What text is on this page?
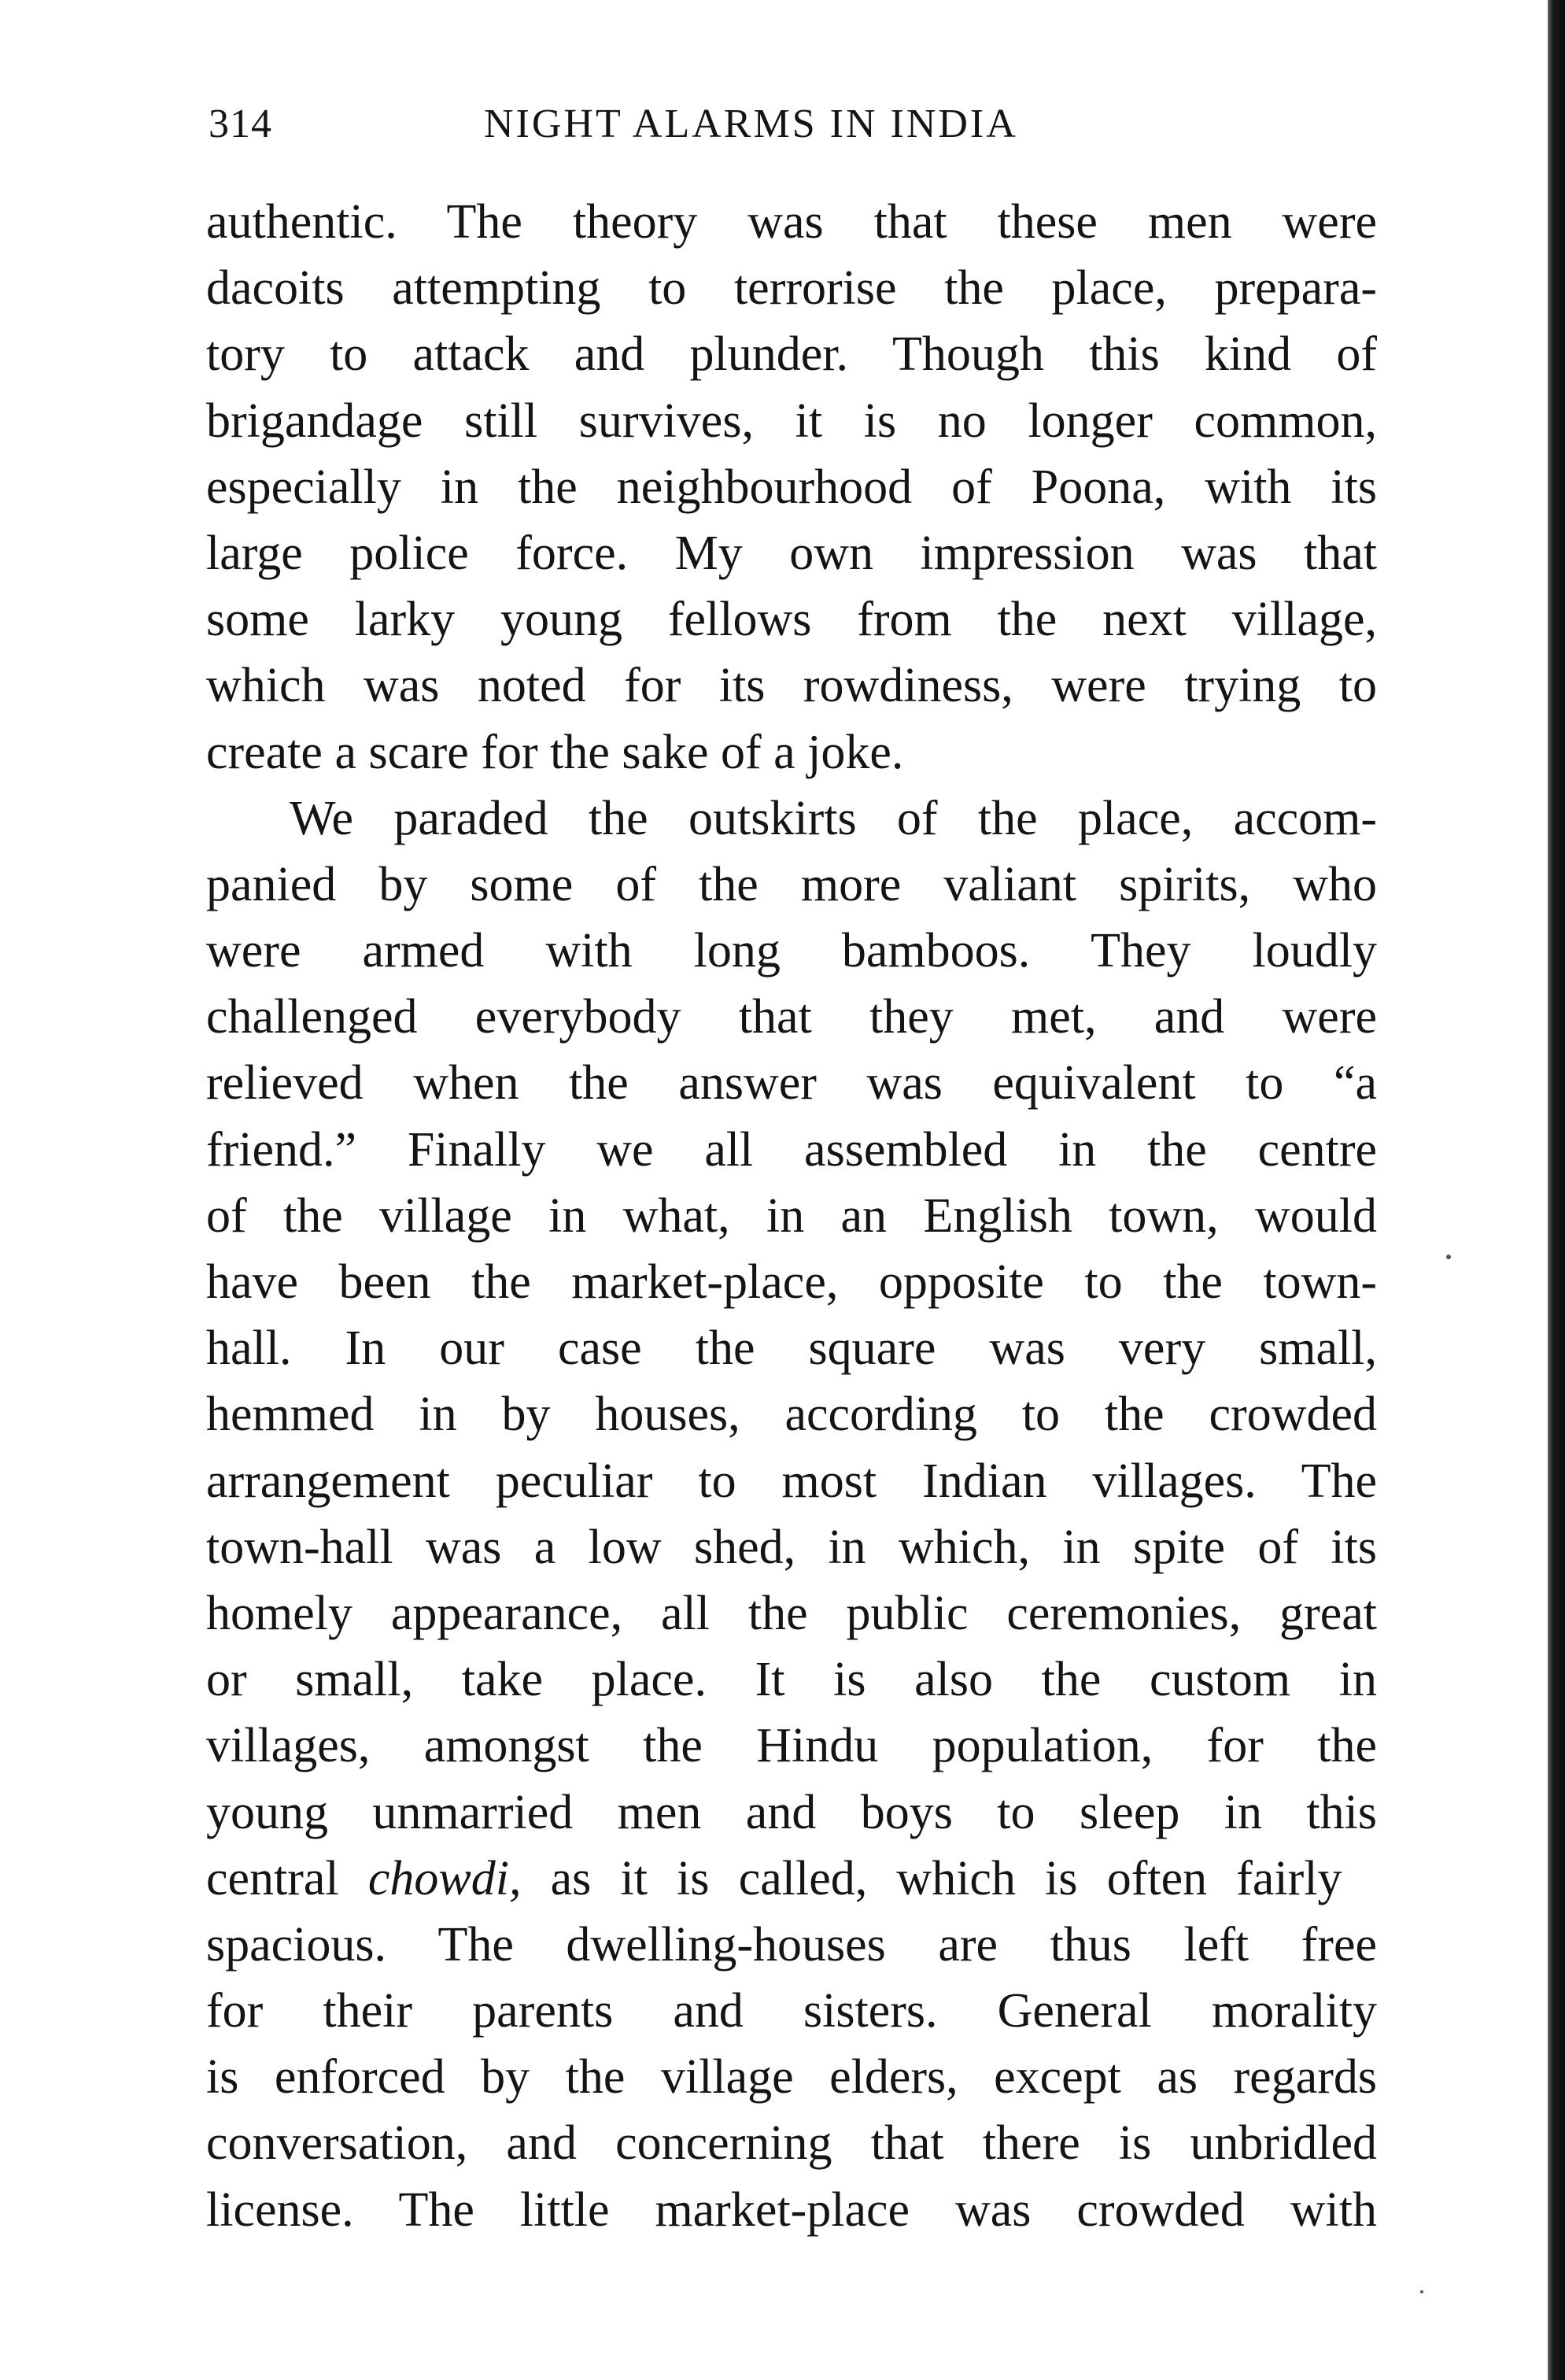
314	NIGHT ALARMS IN INDIA
authentic. The theory was that these men were
dacoits attempting to terrorise the place, prepara-
tory to attack and plunder. Though this kind of
brigandage still survives, it is no longer common,
especially in the neighbourhood of Poona, with its
large police force. My own impression was that
some larky young fellows from the next village,
which was noted for its rowdiness, were trying to
create a scare for the sake of a joke.
We paraded the outskirts of the place, accom-
panied by some of the more valiant spirits, who
were armed with long bamboos. They loudly
challenged everybody that they met, and were
relieved when the answer was equivalent to “a
friend.” Finally we all assembled in the centre
of the village in what, in an English town, would
have been the market-place, opposite to the town-
hall. In our case the square was very small,
hemmed in by houses, according to the crowded
arrangement peculiar to most Indian villages. The
town-hall was a low shed, in which, in spite of its
homely appearance, all the public ceremonies, great
or small, take place. It is also the custom in
villages, amongst the Hindu population, for the
young unmarried men and boys to sleep in this
central chowdi, as it is called, which is often fairly
spacious. The dwelling-houses are thus left free
for their parents and sisters. General morality
is enforced by the village elders, except as regards
conversation, and concerning that there is unbridled
license. The little market-place was crowded with
